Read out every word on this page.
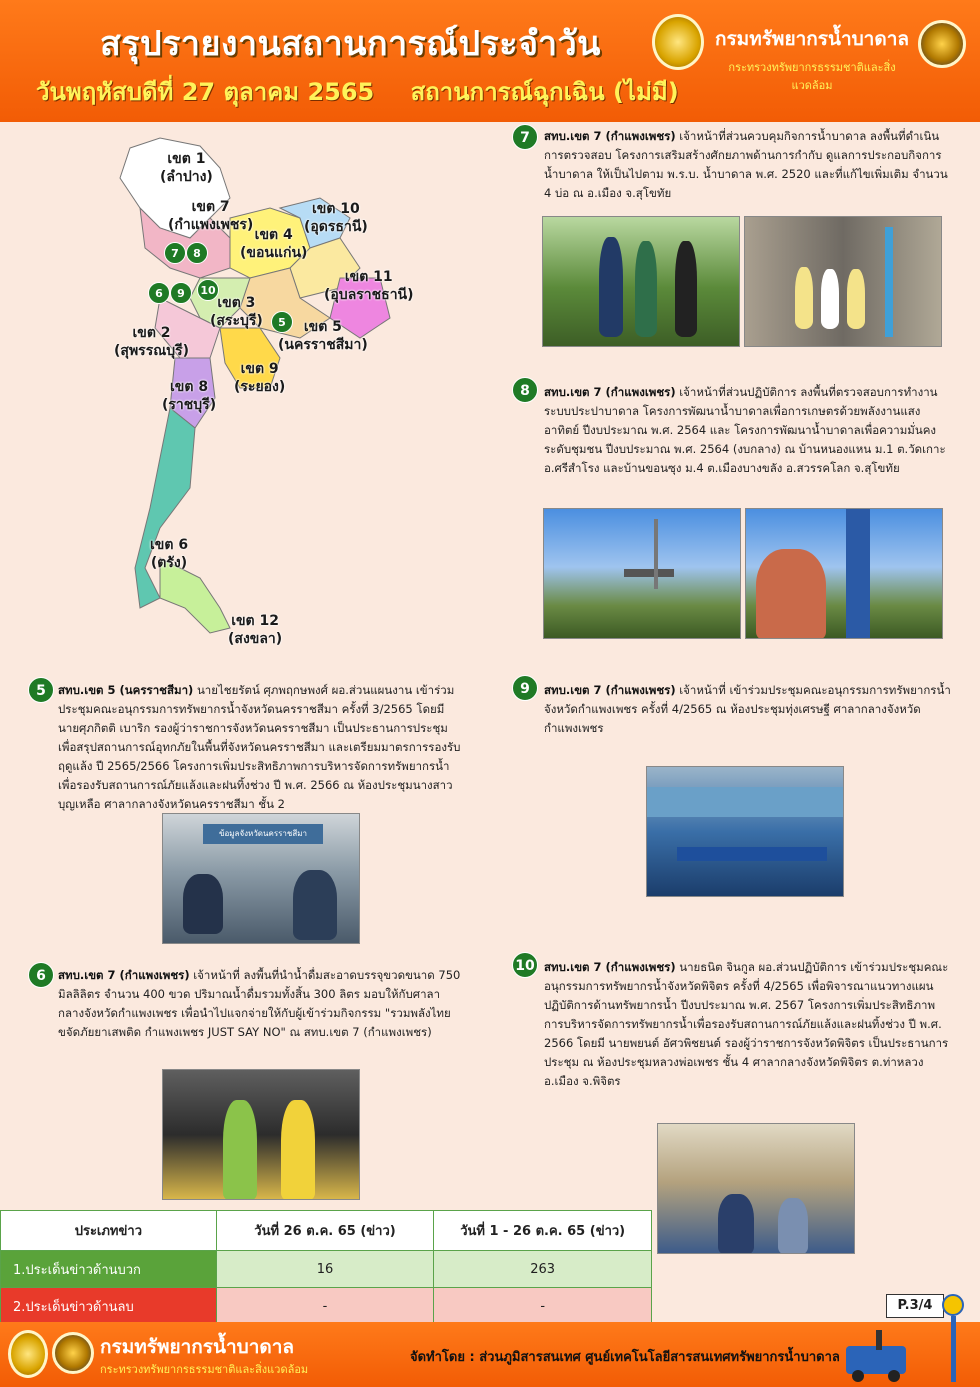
สรุปรายงานสถานการณ์ประจำวัน
วันพฤหัสบดีที่ 27 ตุลาคม 2565 สถานการณ์ฉุกเฉิน (ไม่มี)
กรมทรัพยากรน้ำบาดาล
กระทรวงทรัพยากรธรรมชาติและสิ่งแวดล้อม
เขต 1
(ลำปาง)
เขต 7
(กำแพงเพชร)
เขต 10
(อุดรธานี)
เขต 4
(ขอนแก่น)
เขต 11
(อุบลราชธานี)
เขต 3
(สระบุรี)	เขต 5
(นครราชสีมา)
เขต 2
(สุพรรณบุรี)
เขต 9
(ระยอง)
เขต 8
(ราชบุรี)
เขต 6
(ตรัง)
เขต 12
(สงขลา)
7	8
6	9	10
5
7	สทบ.เขต 7 (กำแพงเพชร) เจ้าหน้าที่ส่วนควบคุมกิจการน้ำบาดาล ลงพื้นที่ดำเนินการตรวจสอบ โครงการเสริมสร้างศักยภาพด้านการกำกับ ดูแลการประกอบกิจการน้ำบาดาล ให้เป็นไปตาม พ.ร.บ. น้ำบาดาล พ.ศ. 2520 และที่แก้ไขเพิ่มเติม จำนวน 4 บ่อ ณ อ.เมือง จ.สุโขทัย
8	สทบ.เขต 7 (กำแพงเพชร) เจ้าหน้าที่ส่วนปฏิบัติการ ลงพื้นที่ตรวจสอบการทำงานระบบประปาบาดาล โครงการพัฒนาน้ำบาดาลเพื่อการเกษตรด้วยพลังงานแสงอาทิตย์ ปีงบประมาณ พ.ศ. 2564 และ โครงการพัฒนาน้ำบาดาลเพื่อความมั่นคงระดับชุมชน ปีงบประมาณ พ.ศ. 2564 (งบกลาง) ณ บ้านหนองแหน ม.1 ต.วัดเกาะ อ.ศรีสำโรง และบ้านขอนซุง ม.4 ต.เมืองบางขลัง อ.สวรรคโลก จ.สุโขทัย
5	สทบ.เขต 5 (นครราชสีมา) นายไชยรัตน์ ศุภพฤกษพงศ์ ผอ.ส่วนแผนงาน เข้าร่วมประชุมคณะอนุกรรมการทรัพยากรน้ำจังหวัดนครราชสีมา ครั้งที่ 3/2565 โดยมี นายศุภกิตติ เบาริก รองผู้ว่าราชการจังหวัดนครราชสีมา เป็นประธานการประชุม เพื่อสรุปสถานการณ์อุทกภัยในพื้นที่จังหวัดนครราชสีมา และเตรียมมาตรการรองรับฤดูแล้ง ปี 2565/2566 โครงการเพิ่มประสิทธิภาพการบริหารจัดการทรัพยากรน้ำเพื่อรองรับสถานการณ์ภัยแล้งและฝนทิ้งช่วง ปี พ.ศ. 2566 ณ ห้องประชุมนางสาวบุญเหลือ ศาลากลางจังหวัดนครราชสีมา ชั้น 2
ข้อมูลจังหวัดนครราชสีมา
9	สทบ.เขต 7 (กำแพงเพชร) เจ้าหน้าที่ เข้าร่วมประชุมคณะอนุกรรมการทรัพยากรน้ำจังหวัดกำแพงเพชร ครั้งที่ 4/2565 ณ ห้องประชุมทุ่งเศรษฐี ศาลากลางจังหวัดกำแพงเพชร
6	สทบ.เขต 7 (กำแพงเพชร) เจ้าหน้าที่ ลงพื้นที่นำน้ำดื่มสะอาดบรรจุขวดขนาด 750 มิลลิลิตร จำนวน 400 ขวด ปริมาณน้ำดื่มรวมทั้งสิ้น 300 ลิตร มอบให้กับศาลากลางจังหวัดกำแพงเพชร เพื่อนำไปแจกจ่ายให้กับผู้เข้าร่วมกิจกรรม "รวมพลังไทย ขจัดภัยยาเสพติด กำแพงเพชร JUST SAY NO" ณ สทบ.เขต 7 (กำแพงเพชร)
10 สทบ.เขต 7 (กำแพงเพชร) นายธนิต จินกูล ผอ.ส่วนปฏิบัติการ เข้าร่วมประชุมคณะอนุกรรมการทรัพยากรน้ำจังหวัดพิจิตร ครั้งที่ 4/2565 เพื่อพิจารณาแนวทางแผนปฏิบัติการด้านทรัพยากรน้ำ ปีงบประมาณ พ.ศ. 2567 โครงการเพิ่มประสิทธิภาพการบริหารจัดการทรัพยากรน้ำเพื่อรองรับสถานการณ์ภัยแล้งและฝนทิ้งช่วง ปี พ.ศ. 2566 โดยมี นายพยนต์ อัศวพิชยนต์ รองผู้ว่าราชการจังหวัดพิจิตร เป็นประธานการประชุม ณ ห้องประชุมหลวงพ่อเพชร ชั้น 4 ศาลากลางจังหวัดพิจิตร ต.ท่าหลวง อ.เมือง จ.พิจิตร
ประเภทข่าว	วันที่ 26 ต.ค. 65 (ข่าว)	วันที่ 1 - 26 ต.ค. 65 (ข่าว)
1.ประเด็นข่าวด้านบวก	16	263
2.ประเด็นข่าวด้านลบ	-	-	P.3/4
กรมทรัพยากรน้ำบาดาล
กระทรวงทรัพยากรธรรมชาติและสิ่งแวดล้อม
จัดทำโดย : ส่วนภูมิสารสนเทศ ศูนย์เทคโนโลยีสารสนเทศทรัพยากรน้ำบาดาล
